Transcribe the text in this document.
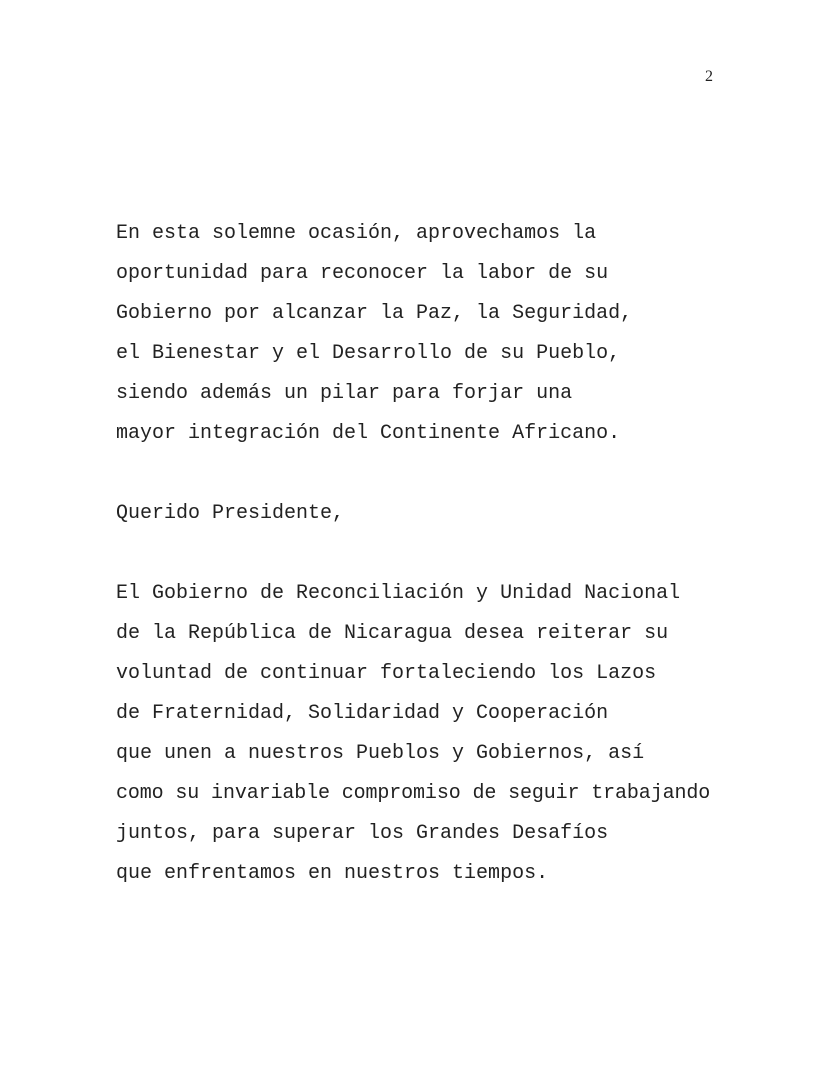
2
En esta solemne ocasión, aprovechamos la
oportunidad para reconocer la labor de su
Gobierno por alcanzar la Paz, la Seguridad,
el Bienestar y el Desarrollo de su Pueblo,
siendo además un pilar para forjar una
mayor integración del Continente Africano.
Querido Presidente,
El Gobierno de Reconciliación y Unidad Nacional
de la República de Nicaragua desea reiterar su
voluntad de continuar fortaleciendo los Lazos
de Fraternidad, Solidaridad y Cooperación
que unen a nuestros Pueblos y Gobiernos, así
como su invariable compromiso de seguir trabajando
juntos, para superar los Grandes Desafíos
que enfrentamos en nuestros tiempos.
